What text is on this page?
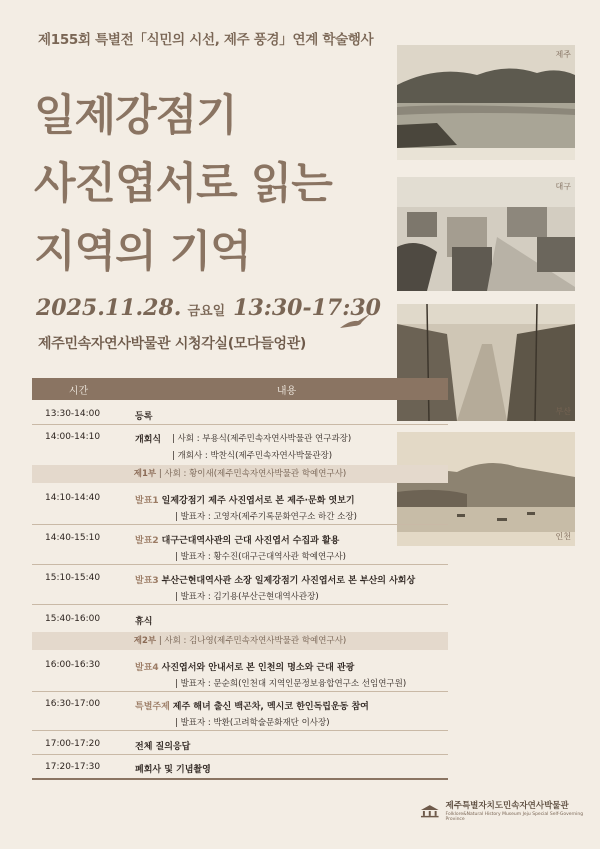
제155회 특별전「식민의 시선, 제주 풍경」연계 학술행사
일제강점기
사진엽서로 읽는
지역의 기억
2025.11.28. 금요일 13:30-17:30
제주민속자연사박물관 시청각실(모다들엉관)
제주
대구
부산
인천
시간	내용
13:30-14:00	등록
14:00-14:10	개회식 | 사회 : 부용식(제주민속자연사박물관 연구과장)
| 개회사 : 박찬식(제주민속자연사박물관장)
제1부 | 사회 : 황이새(제주민속자연사박물관 학예연구사)
14:10-14:40	발표1 일제강점기 제주 사진엽서로 본 제주·문화 엿보기
| 발표자 : 고영자(제주기록문화연구소 하간 소장)
14:40-15:10	발표2 대구근대역사관의 근대 사진엽서 수집과 활용
| 발표자 : 황수진(대구근대역사관 학예연구사)
15:10-15:40	발표3 부산근현대역사관 소장 일제강점기 사진엽서로 본 부산의 사회상
| 발표자 : 김기용(부산근현대역사관장)
15:40-16:00	휴식
제2부 | 사회 : 김나영(제주민속자연사박물관 학예연구사)
16:00-16:30	발표4 사진엽서와 안내서로 본 인천의 명소와 근대 관광
| 발표자 : 문순희(인천대 지역인문정보융합연구소 선임연구원)
16:30-17:00	특별주제 제주 해녀 출신 백곤차, 멕시코 한인독립운동 참여
| 발표자 : 박환(고려학술문화재단 이사장)
17:00-17:20	전체 질의응답
17:20-17:30	폐회사 및 기념촬영
제주특별자치도민속자연사박물관
Folklore&Natural History Museum Jeju Special Self-Governing Province
